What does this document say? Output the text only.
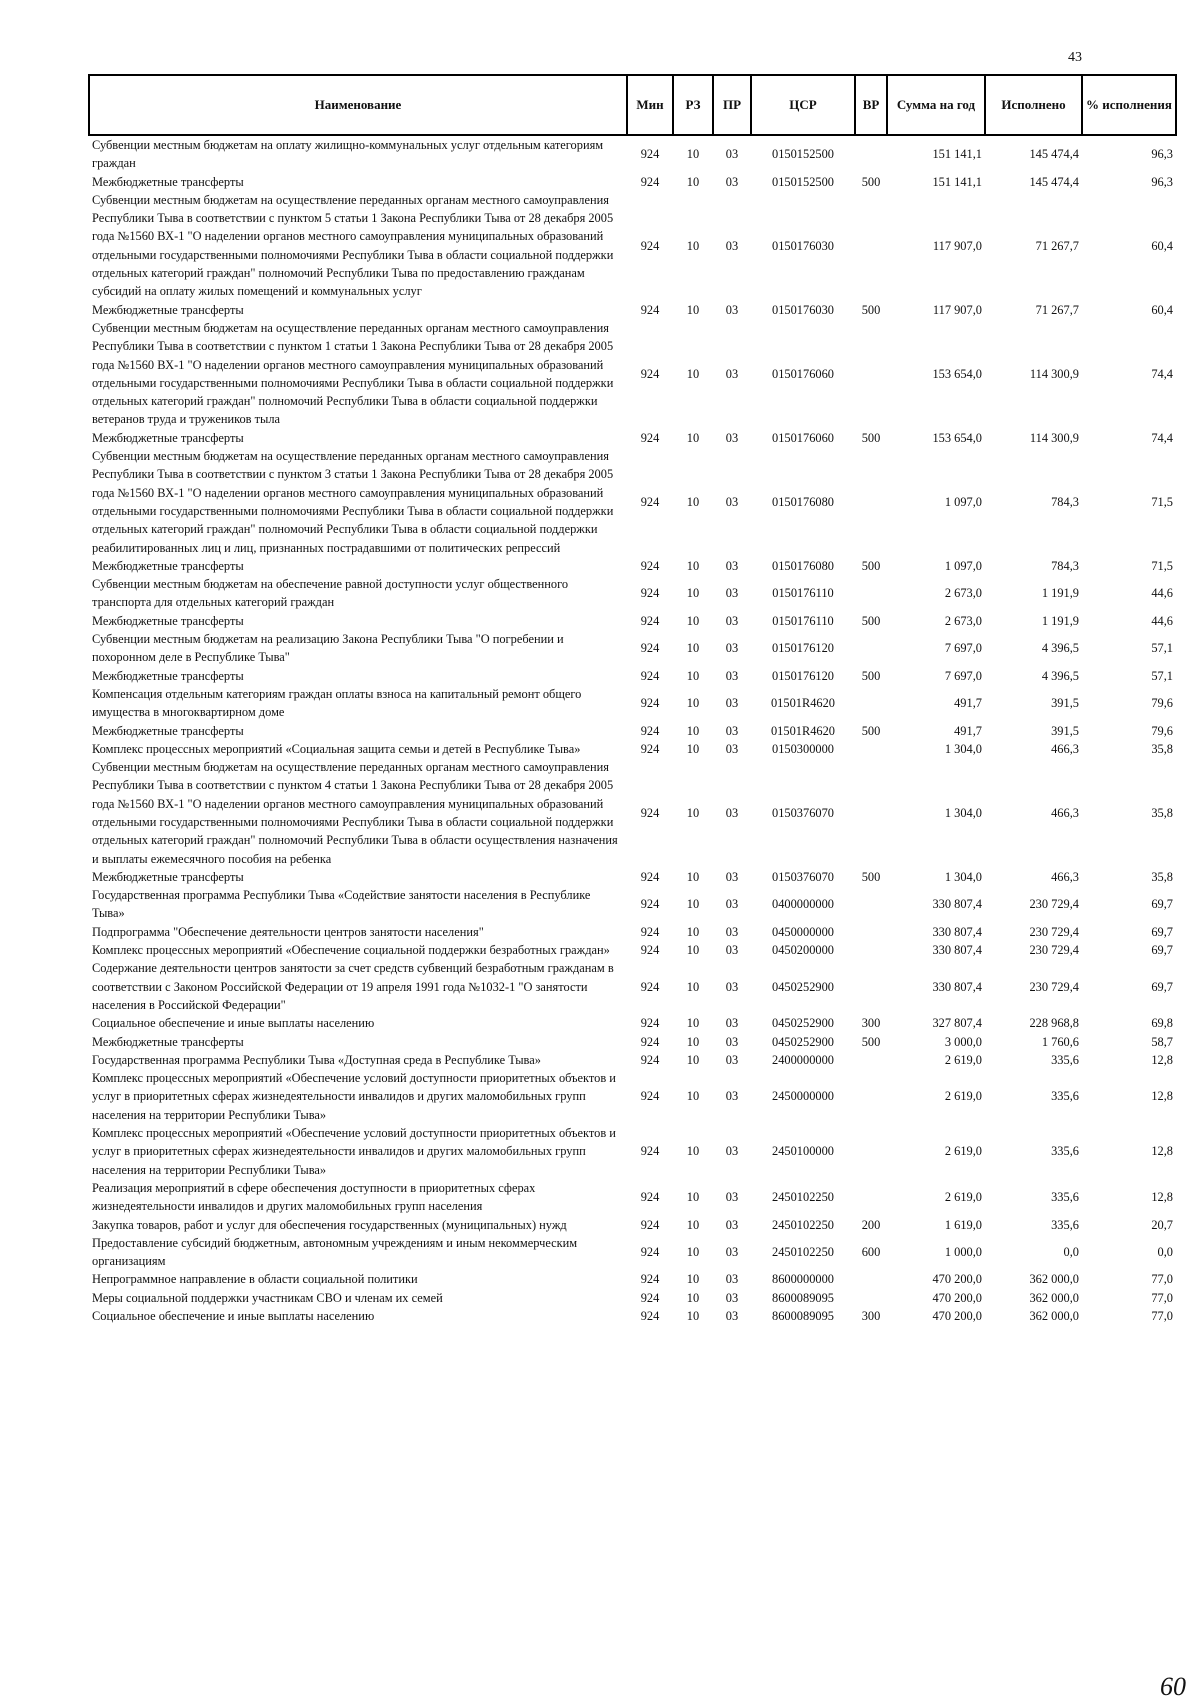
43
Наименование	Мин	РЗ	ПР	ЦСР	ВР	Сумма на год	Исполнено	% исполнения
Субвенции местным бюджетам на оплату жилищно-коммунальных услуг отдельным категориям граждан	924	10	03	0150152500		151 141,1	145 474,4	96,3
Межбюджетные трансферты	924	10	03	0150152500	500	151 141,1	145 474,4	96,3
Субвенции местным бюджетам на осуществление переданных органам местного самоуправления Республики Тыва в соответствии с пунктом 5 статьи 1 Закона Республики Тыва от 28 декабря 2005 года №1560 ВХ-1 "О наделении органов местного самоуправления муниципальных образований отдельными государственными полномочиями Республики Тыва в области социальной поддержки отдельных категорий граждан" полномочий Республики Тыва по предоставлению гражданам субсидий на оплату жилых помещений и коммунальных услуг	924	10	03	0150176030		117 907,0	71 267,7	60,4
Межбюджетные трансферты	924	10	03	0150176030	500	117 907,0	71 267,7	60,4
Субвенции местным бюджетам на осуществление переданных органам местного самоуправления Республики Тыва в соответствии с пунктом 1 статьи 1 Закона Республики Тыва от 28 декабря 2005 года №1560 ВХ-1 "О наделении органов местного самоуправления муниципальных образований отдельными государственными полномочиями Республики Тыва в области социальной поддержки отдельных категорий граждан" полномочий Республики Тыва в области социальной поддержки ветеранов труда и тружеников тыла	924	10	03	0150176060		153 654,0	114 300,9	74,4
Межбюджетные трансферты	924	10	03	0150176060	500	153 654,0	114 300,9	74,4
Субвенции местным бюджетам на осуществление переданных органам местного самоуправления Республики Тыва в соответствии с пунктом 3 статьи 1 Закона Республики Тыва от 28 декабря 2005 года №1560 ВХ-1 "О наделении органов местного самоуправления муниципальных образований отдельными государственными полномочиями Республики Тыва в области социальной поддержки отдельных категорий граждан" полномочий Республики Тыва в области социальной поддержки реабилитированных лиц и лиц, признанных пострадавшими от политических репрессий	924	10	03	0150176080		1 097,0	784,3	71,5
Межбюджетные трансферты	924	10	03	0150176080	500	1 097,0	784,3	71,5
Субвенции местным бюджетам на обеспечение равной доступности услуг общественного транспорта для отдельных категорий граждан	924	10	03	0150176110		2 673,0	1 191,9	44,6
Межбюджетные трансферты	924	10	03	0150176110	500	2 673,0	1 191,9	44,6
Субвенции местным бюджетам на реализацию Закона Республики Тыва "О погребении и похоронном деле в Республике Тыва"	924	10	03	0150176120		7 697,0	4 396,5	57,1
Межбюджетные трансферты	924	10	03	0150176120	500	7 697,0	4 396,5	57,1
Компенсация отдельным категориям граждан оплаты взноса на капитальный ремонт общего имущества в многоквартирном доме	924	10	03	01501R4620		491,7	391,5	79,6
Межбюджетные трансферты	924	10	03	01501R4620	500	491,7	391,5	79,6
Комплекс процессных мероприятий «Социальная защита семьи и детей в Республике Тыва»	924	10	03	0150300000		1 304,0	466,3	35,8
Субвенции местным бюджетам на осуществление переданных органам местного самоуправления Республики Тыва в соответствии с пунктом 4 статьи 1 Закона Республики Тыва от 28 декабря 2005 года №1560 ВХ-1 "О наделении органов местного самоуправления муниципальных образований отдельными государственными полномочиями Республики Тыва в области социальной поддержки отдельных категорий граждан" полномочий Республики Тыва в области осуществления назначения и выплаты ежемесячного пособия на ребенка	924	10	03	0150376070		1 304,0	466,3	35,8
Межбюджетные трансферты	924	10	03	0150376070	500	1 304,0	466,3	35,8
Государственная программа Республики Тыва «Содействие занятости населения в Республике Тыва»	924	10	03	0400000000		330 807,4	230 729,4	69,7
Подпрограмма "Обеспечение деятельности центров занятости населения"	924	10	03	0450000000		330 807,4	230 729,4	69,7
Комплекс процессных мероприятий «Обеспечение социальной поддержки безработных граждан»	924	10	03	0450200000		330 807,4	230 729,4	69,7
Содержание деятельности центров занятости за счет средств субвенций безработным гражданам в соответствии с Законом Российской Федерации от 19 апреля 1991 года №1032-1 "О занятости населения в Российской Федерации"	924	10	03	0450252900		330 807,4	230 729,4	69,7
Социальное обеспечение и иные выплаты населению	924	10	03	0450252900	300	327 807,4	228 968,8	69,8
Межбюджетные трансферты	924	10	03	0450252900	500	3 000,0	1 760,6	58,7
Государственная программа Республики Тыва «Доступная среда в Республике Тыва»	924	10	03	2400000000		2 619,0	335,6	12,8
Комплекс процессных мероприятий «Обеспечение условий доступности приоритетных объектов и услуг в приоритетных сферах жизнедеятельности инвалидов и других маломобильных групп населения на территории Республики Тыва»	924	10	03	2450000000		2 619,0	335,6	12,8
Комплекс процессных мероприятий «Обеспечение условий доступности приоритетных объектов и услуг в приоритетных сферах жизнедеятельности инвалидов и других маломобильных групп населения на территории Республики Тыва»	924	10	03	2450100000		2 619,0	335,6	12,8
Реализация мероприятий в сфере обеспечения доступности в приоритетных сферах жизнедеятельности инвалидов и других маломобильных групп населения	924	10	03	2450102250		2 619,0	335,6	12,8
Закупка товаров, работ и услуг для обеспечения государственных (муниципальных) нужд	924	10	03	2450102250	200	1 619,0	335,6	20,7
Предоставление субсидий бюджетным, автономным учреждениям и иным некоммерческим организациям	924	10	03	2450102250	600	1 000,0	0,0	0,0
Непрограммное направление в области социальной политики	924	10	03	8600000000		470 200,0	362 000,0	77,0
Меры социальной поддержки участникам СВО и членам их семей	924	10	03	8600089095		470 200,0	362 000,0	77,0
Социальное обеспечение и иные выплаты населению	924	10	03	8600089095	300	470 200,0	362 000,0	77,0
60
